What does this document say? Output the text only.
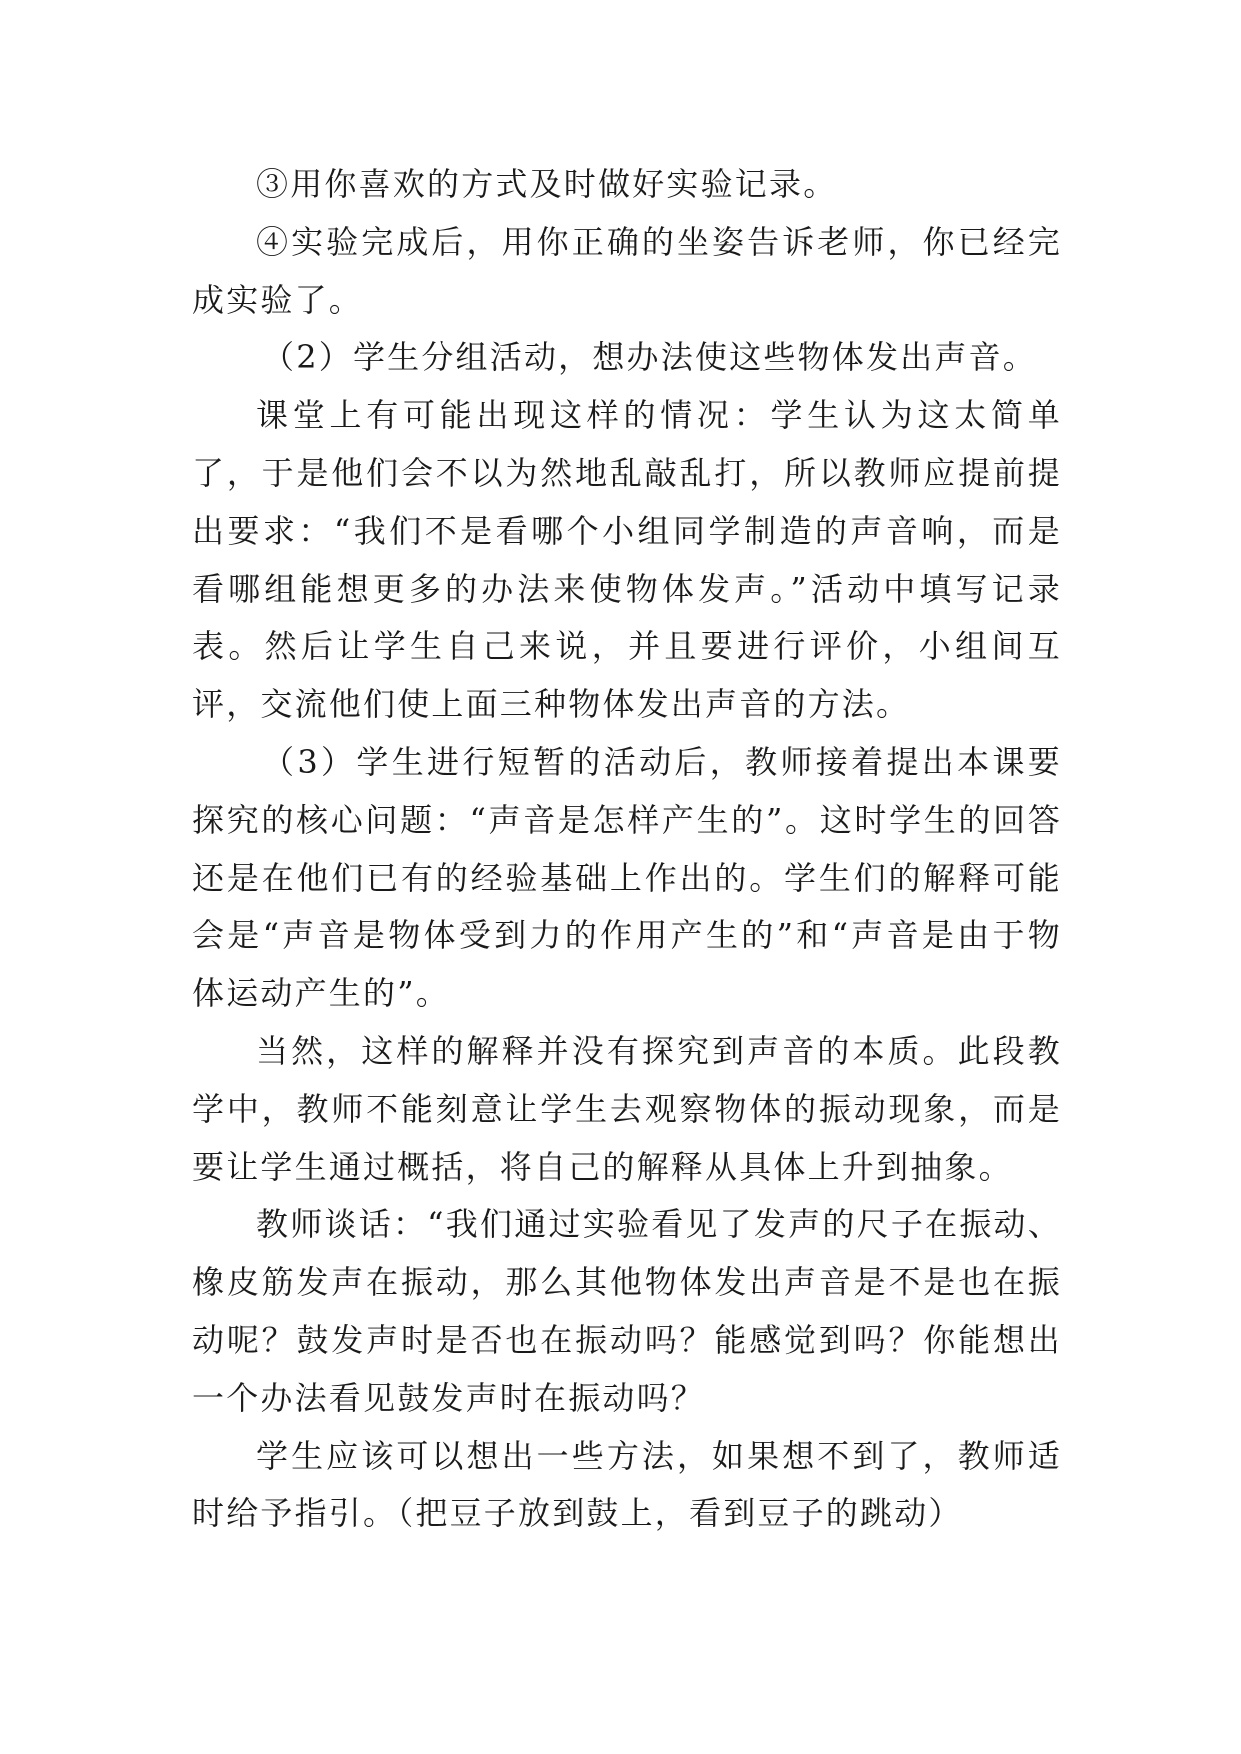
③用你喜欢的方式及时做好实验记录。

④实验完成后，用你正确的坐姿告诉老师，你已经完成实验了。

（2）学生分组活动，想办法使这些物体发出声音。

课堂上有可能出现这样的情况：学生认为这太简单了，于是他们会不以为然地乱敲乱打，所以教师应提前提出要求：“我们不是看哪个小组同学制造的声音响，而是看哪组能想更多的办法来使物体发声。”活动中填写记录表。然后让学生自己来说，并且要进行评价，小组间互评，交流他们使上面三种物体发出声音的方法。

（3）学生进行短暂的活动后，教师接着提出本课要探究的核心问题：“声音是怎样产生的”。这时学生的回答还是在他们已有的经验基础上作出的。学生们的解释可能会是“声音是物体受到力的作用产生的”和“声音是由于物体运动产生的”。

当然，这样的解释并没有探究到声音的本质。此段教学中，教师不能刻意让学生去观察物体的振动现象，而是要让学生通过概括，将自己的解释从具体上升到抽象。

教师谈话：“我们通过实验看见了发声的尺子在振动、橡皮筋发声在振动，那么其他物体发出声音是不是也在振动呢？鼓发声时是否也在振动吗？能感觉到吗？你能想出一个办法看见鼓发声时在振动吗？

学生应该可以想出一些方法，如果想不到了，教师适时给予指引。（把豆子放到鼓上，看到豆子的跳动）
